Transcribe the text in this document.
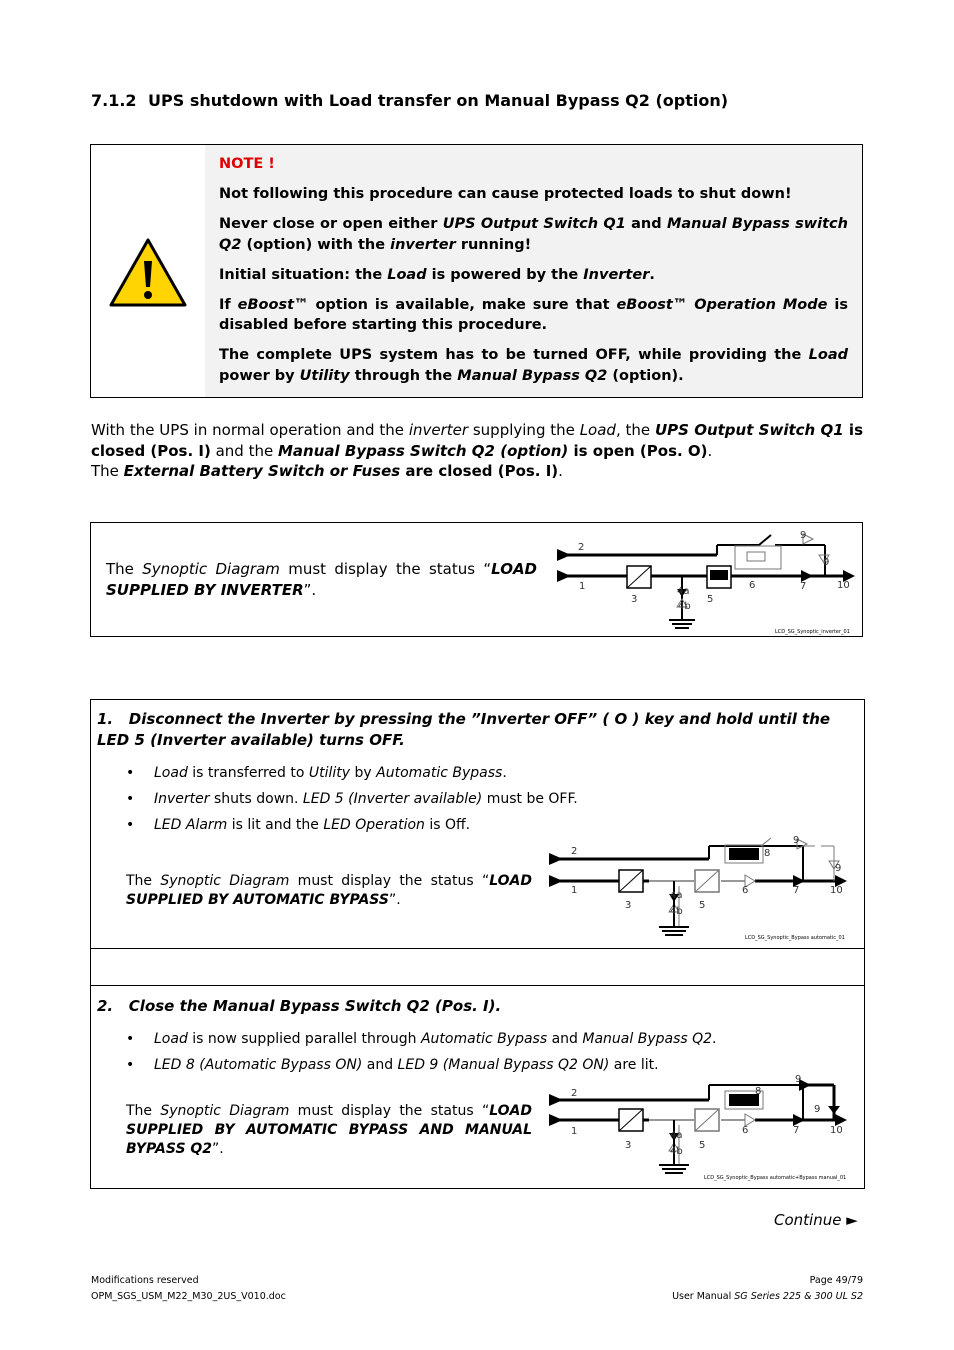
7.1.2 UPS shutdown with Load transfer on Manual Bypass Q2 (option)

NOTE !

Not following this procedure can cause protected loads to shut down!

Never close or open either UPS Output Switch Q1 and Manual Bypass switch Q2 (option) with the inverter running!

Initial situation: the Load is powered by the Inverter.

If eBoost™ option is available, make sure that eBoost™ Operation Mode is disabled before starting this procedure.

The complete UPS system has to be turned OFF, while providing the Load power by Utility through the Manual Bypass Q2 (option).

With the UPS in normal operation and the inverter supplying the Load, the UPS Output Switch Q1 is closed (Pos. I) and the Manual Bypass Switch Q2 (option) is open (Pos. O).

The External Battery Switch or Fuses are closed (Pos. I).

The Synoptic Diagram must display the status “LOAD SUPPLIED BY INVERTER”.
2
1
3
4a
4b
5
6	7
9
9
10
LCD_SG_Synoptic_inverter_01
1.   Disconnect the Inverter by pressing the ”Inverter OFF” ( O ) key and hold until the LED 5 (Inverter available) turns OFF.
• Load is transferred to Utility by Automatic Bypass.
• Inverter shuts down. LED 5 (Inverter available) must be OFF.
• LED Alarm is lit and the LED Operation is Off.
The Synoptic Diagram must display the status “LOAD SUPPLIED BY AUTOMATIC BYPASS”.
2
1
3
4a
4b
5
6
8
7
9
9
10
LCD_SG_Synoptic_Bypass automatic_01
2.   Close the Manual Bypass Switch Q2 (Pos. I).
• Load is now supplied parallel through Automatic Bypass and Manual Bypass Q2.
• LED 8 (Automatic Bypass ON) and LED 9 (Manual Bypass Q2 ON) are lit.
The Synoptic Diagram must display the status “LOAD SUPPLIED BY AUTOMATIC BYPASS AND MANUAL BYPASS Q2”.
2
1
3
4a
4b
5
6
8
7
9
9
10
LCD_SG_Synoptic_Bypass automatic+Bypass manual_01
Continue ►
Modifications reserved
OPM_SGS_USM_M22_M30_2US_V010.doc
Page 49/79
User Manual SG Series 225 & 300 UL S2
